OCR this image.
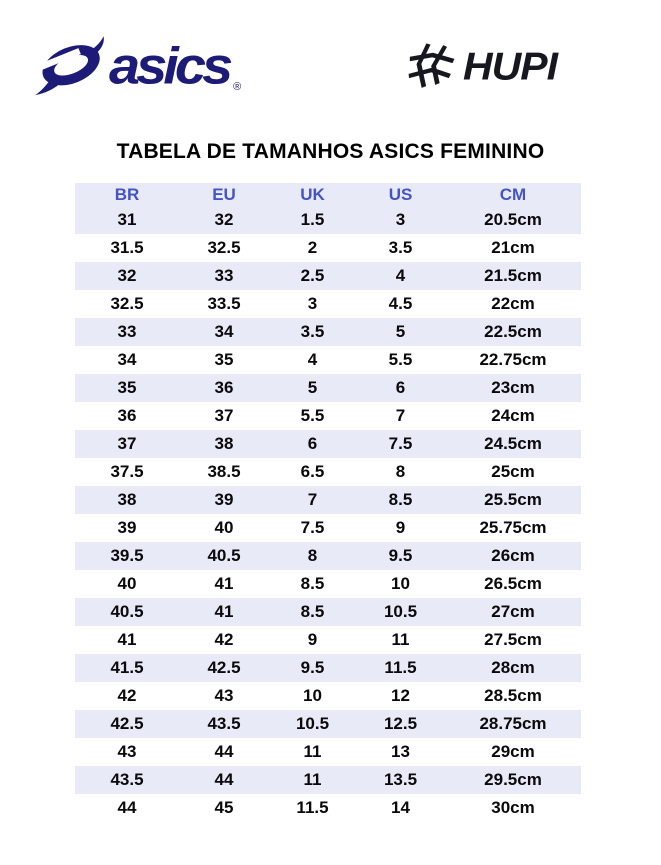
asics ®	HUPI
TABELA DE TAMANHOS ASICS FEMININO
BR	EU	UK	US	CM
31	32	1.5	3	20.5cm
31.5	32.5	2	3.5	21cm
32	33	2.5	4	21.5cm
32.5	33.5	3	4.5	22cm
33	34	3.5	5	22.5cm
34	35	4	5.5	22.75cm
35	36	5	6	23cm
36	37	5.5	7	24cm
37	38	6	7.5	24.5cm
37.5	38.5	6.5	8	25cm
38	39	7	8.5	25.5cm
39	40	7.5	9	25.75cm
39.5	40.5	8	9.5	26cm
40	41	8.5	10	26.5cm
40.5	41	8.5	10.5	27cm
41	42	9	11	27.5cm
41.5	42.5	9.5	11.5	28cm
42	43	10	12	28.5cm
42.5	43.5	10.5	12.5	28.75cm
43	44	11	13	29cm
43.5	44	11	13.5	29.5cm
44	45	11.5	14	30cm
